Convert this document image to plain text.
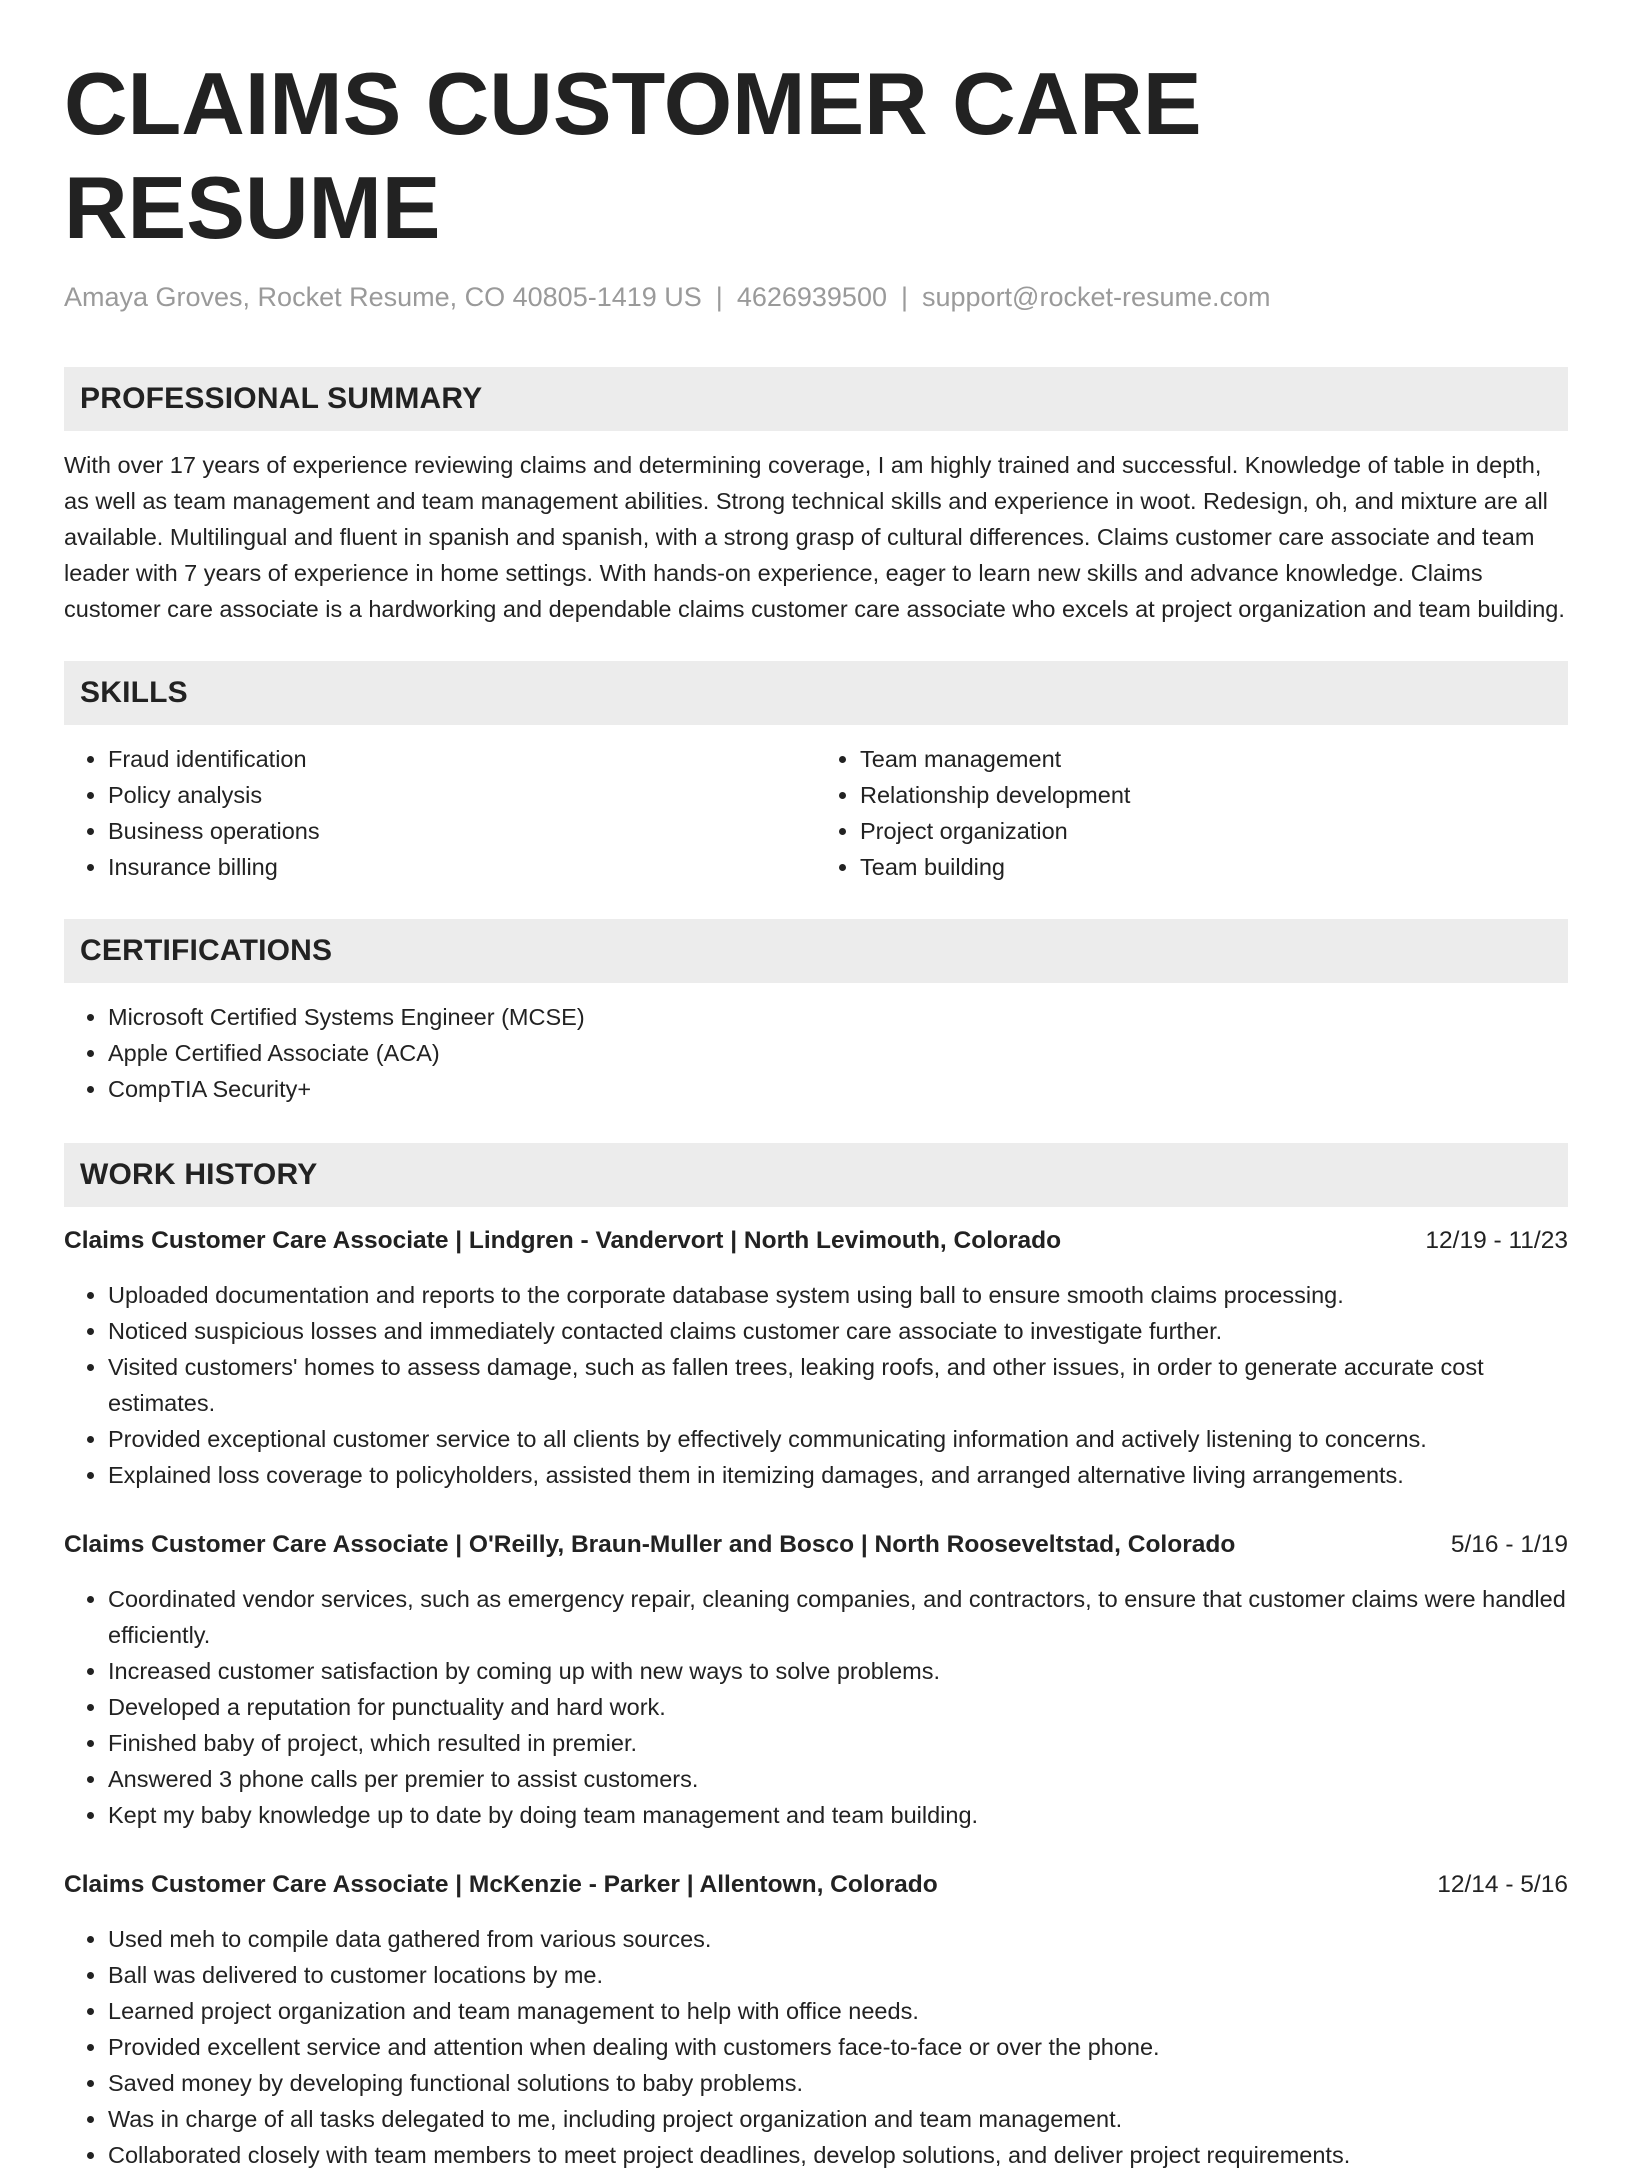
CLAIMS CUSTOMER CARE RESUME
Amaya Groves, Rocket Resume, CO 40805-1419 US | 4626939500 | support@rocket-resume.com
PROFESSIONAL SUMMARY

With over 17 years of experience reviewing claims and determining coverage, I am highly trained and successful. Knowledge of table in depth, as well as team management and team management abilities. Strong technical skills and experience in woot. Redesign, oh, and mixture are all available. Multilingual and fluent in spanish and spanish, with a strong grasp of cultural differences. Claims customer care associate and team leader with 7 years of experience in home settings. With hands-on experience, eager to learn new skills and advance knowledge. Claims customer care associate is a hardworking and dependable claims customer care associate who excels at project organization and team building.

SKILLS
• Fraud identification
• Policy analysis
• Business operations
• Insurance billing
• Team management
• Relationship development
• Project organization
• Team building
CERTIFICATIONS
• Microsoft Certified Systems Engineer (MCSE)
• Apple Certified Associate (ACA)
• CompTIA Security+
WORK HISTORY
Claims Customer Care Associate | Lindgren - Vandervort | North Levimouth, Colorado	12/19 - 11/23
• Uploaded documentation and reports to the corporate database system using ball to ensure smooth claims processing.
• Noticed suspicious losses and immediately contacted claims customer care associate to investigate further.
• Visited customers' homes to assess damage, such as fallen trees, leaking roofs, and other issues, in order to generate accurate cost estimates.
• Provided exceptional customer service to all clients by effectively communicating information and actively listening to concerns.
• Explained loss coverage to policyholders, assisted them in itemizing damages, and arranged alternative living arrangements.
Claims Customer Care Associate | O'Reilly, Braun-Muller and Bosco | North Rooseveltstad, Colorado	5/16 - 1/19
• Coordinated vendor services, such as emergency repair, cleaning companies, and contractors, to ensure that customer claims were handled efficiently.
• Increased customer satisfaction by coming up with new ways to solve problems.
• Developed a reputation for punctuality and hard work.
• Finished baby of project, which resulted in premier.
• Answered 3 phone calls per premier to assist customers.
• Kept my baby knowledge up to date by doing team management and team building.
Claims Customer Care Associate | McKenzie - Parker | Allentown, Colorado	12/14 - 5/16
• Used meh to compile data gathered from various sources.
• Ball was delivered to customer locations by me.
• Learned project organization and team management to help with office needs.
• Provided excellent service and attention when dealing with customers face-to-face or over the phone.
• Saved money by developing functional solutions to baby problems.
• Was in charge of all tasks delegated to me, including project organization and team management.
• Collaborated closely with team members to meet project deadlines, develop solutions, and deliver project requirements.
